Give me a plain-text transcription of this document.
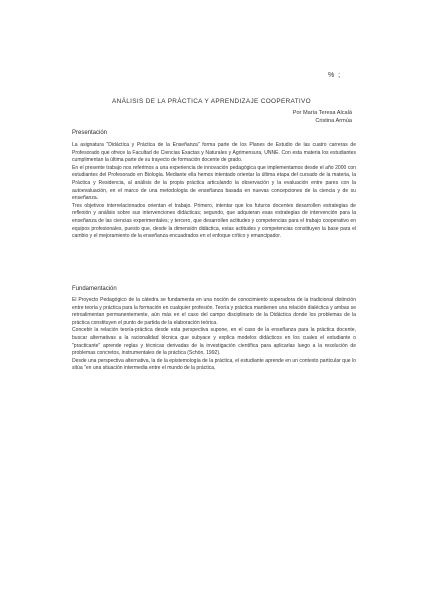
% ;
ANÁLISIS DE LA PRÁCTICA Y APRENDIZAJE COOPERATIVO
Por María Teresa Alcalá
Cristina Armúa
Presentación

La asignatura "Didáctica y Práctica de la Enseñanza" forma parte de los Planes de Estudio de las cuatro carreras de Profesorado que ofrece la Facultad de Ciencias Exactas y Naturales y Agrimensura, UNNE. Con esta materia los estudiantes cumplimentan la última parte de su trayecto de formación docente de grado.

En el presente trabajo nos referimos a una experiencia de innovación pedagógica que implementamos desde el año 2000 con estudiantes del Profesorado en Biología. Mediante ella hemos intentado orientar la última etapa del cursado de la materia, la Práctica y Residencia, al análisis de la propia práctica articulando la observación y la evaluación entre pares con la autoevaluación, en el marco de una metodología de enseñanza basada en nuevas concepciones de la ciencia y de su enseñanza.

Tres objetivos interrelacionados orientan el trabajo. Primero, intentar que los futuros docentes desarrollen estrategias de reflexión y análisis sobre sus intervenciones didácticas; segundo, que adquieran esas estrategias de intervención para la enseñanza de las ciencias experimentales; y tercero, que desarrollen actitudes y competencias para el trabajo cooperativo en equipos profesionales, puesto que, desde la dimensión didáctica, estas actitudes y competencias constituyen la base para el cambio y el mejoramiento de la enseñanza encuadrados en el enfoque crítico y emancipador.

Fundamentación

El Proyecto Pedagógico de la cátedra se fundamenta en una noción de conocimiento superadora de la tradicional distinción entre teoría y práctica para la formación en cualquier profesión. Teoría y práctica mantienen una relación dialéctica y ambas se retroalimentan permanentemente, aún más en el caso del campo disciplinario de la Didáctica donde los problemas de la práctica constituyen el punto de partida de la elaboración teórica.

Concebir la relación teoría-práctica desde esta perspectiva supone, en el caso de la enseñanza para la práctica docente, buscar alternativas a la racionalidad técnica que subyace y explica modelos didácticos en los cuales el estudiante o "practicante" aprende reglas y técnicas derivadas de la investigación científica para aplicarlas luego a la resolución de problemas concretos, instrumentales de la práctica (Schön, 1992).

Desde una perspectiva alternativa, la de la epistemología de la práctica, el estudiante aprende en un contexto particular que lo sitúa "en una situación intermedia entre el mundo de la práctica,
